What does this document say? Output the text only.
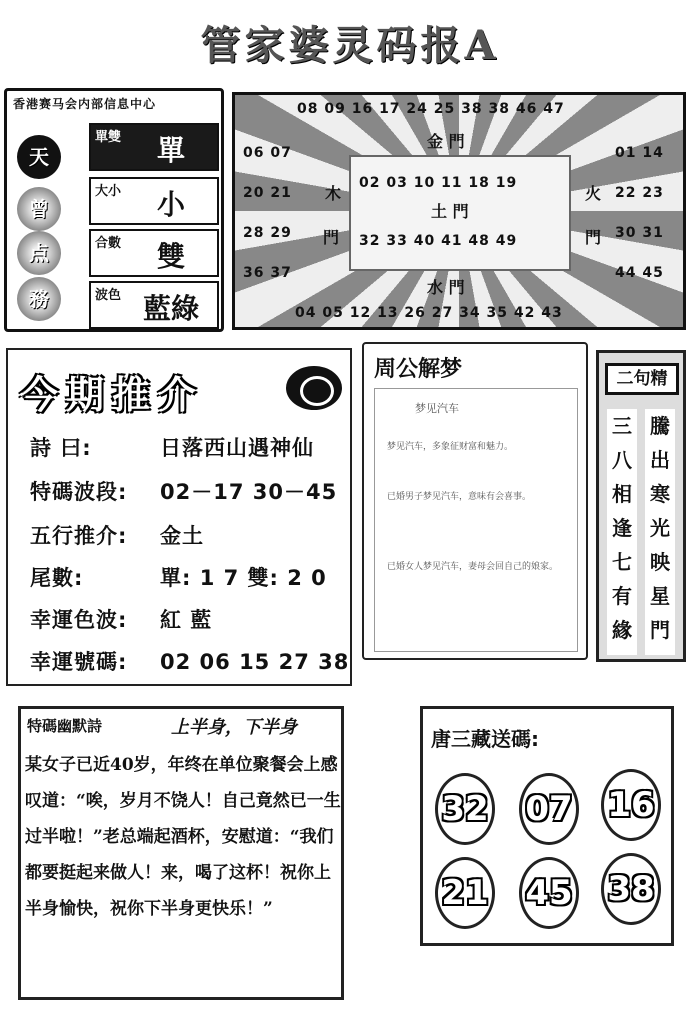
管家婆灵码报A
香港赛马会内部信息中心
天
曾
点
務
單雙	單
大小	小
合數	雙
波色 藍綠
08 09 16 17 24 25 38 38 46 47
04 05 12 13 26 27 34 35 42 43
06 07
20 21
28 29
36 37
01 14
22 23
30 31
44 45
金 門
木
門
火
門
02 03 10 11 18 19
土 門
32 33 40 41 48 49
水 門
今期推介
詩 曰:	日落西山遇神仙
特碼波段: 02－17 30－45
五行推介: 金土
尾數:	單: 1 7 雙: 2 0
幸運色波: 紅 藍
幸運號碼: 02 06 15 27 38
周公解梦

梦见汽车

梦见汽车，多象征财富和魅力。

已婚男子梦见汽车，意味有会喜事。

已婚女人梦见汽车，妻母会回自己的娘家。

二句精
三八相逢七有緣
騰出寒光映星門
特碼幽默詩	上半身，下半身
某女子已近40岁，年终在单位聚餐会上感叹道：“唉，岁月不饶人！自己竟然已一生过半啦！”老总端起酒杯，安慰道：“我们都要挺起来做人！来，喝了这杯！祝你上半身愉快，祝你下半身更快乐！”
唐三藏送碼:
32 07 16
21 45 38
